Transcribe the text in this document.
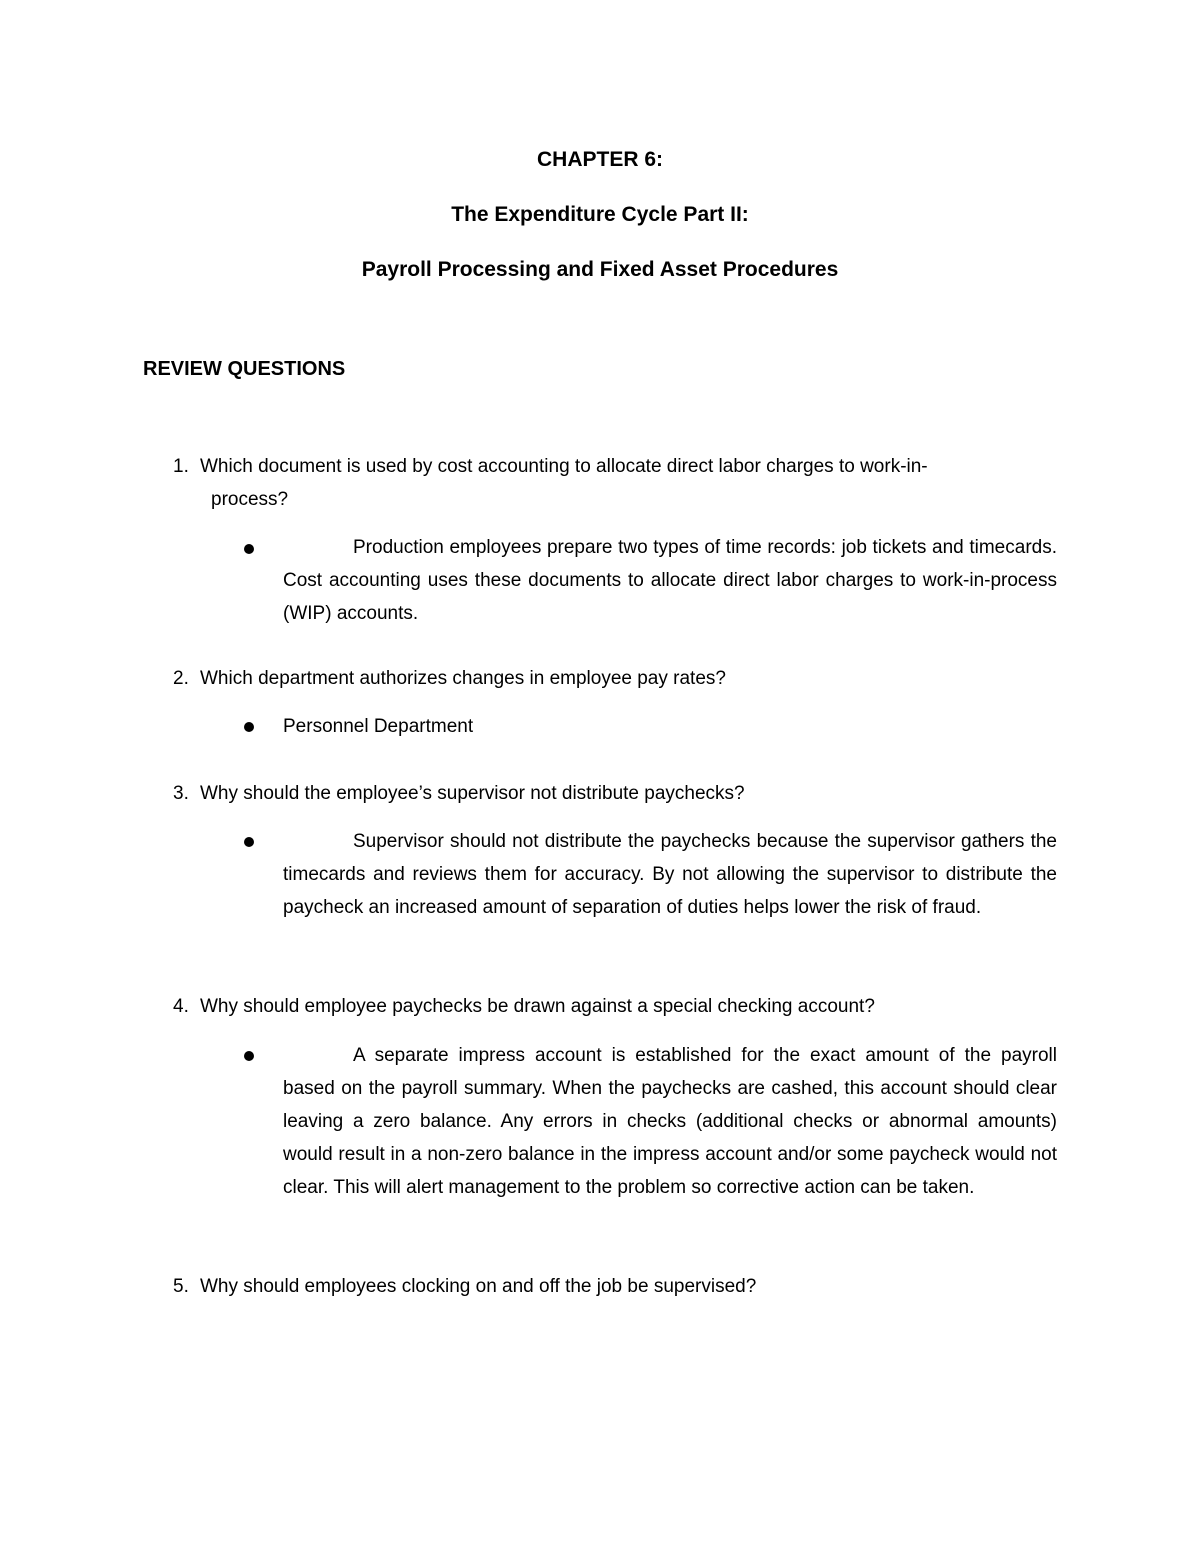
CHAPTER 6:
The Expenditure Cycle Part II:
Payroll Processing and Fixed Asset Procedures
REVIEW QUESTIONS
1. Which document is used by cost accounting to allocate direct labor charges to work-in-
process?
Production employees prepare two types of time records: job tickets and timecards. Cost accounting uses these documents to allocate direct labor charges to work-in-process (WIP) accounts.
2. Which department authorizes changes in employee pay rates?
Personnel Department
3. Why should the employee’s supervisor not distribute paychecks?
Supervisor should not distribute the paychecks because the supervisor gathers the timecards and reviews them for accuracy. By not allowing the supervisor to distribute the paycheck an increased amount of separation of duties helps lower the risk of fraud.
4. Why should employee paychecks be drawn against a special checking account?
A separate impress account is established for the exact amount of the payroll based on the payroll summary. When the paychecks are cashed, this account should clear leaving a zero balance. Any errors in checks (additional checks or abnormal amounts) would result in a non-zero balance in the impress account and/or some paycheck would not clear. This will alert management to the problem so corrective action can be taken.
5. Why should employees clocking on and off the job be supervised?
